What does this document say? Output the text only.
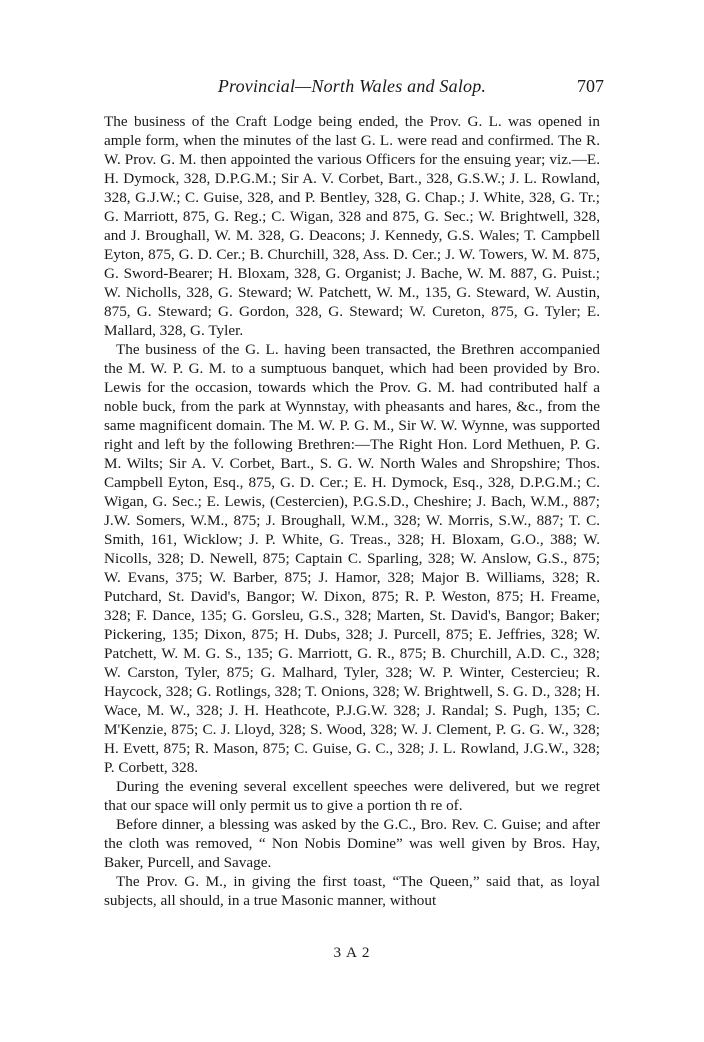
Provincial—North Wales and Salop.	707

The business of the Craft Lodge being ended, the Prov. G. L. was opened in ample form, when the minutes of the last G. L. were read and confirmed. The R. W. Prov. G. M. then appointed the various Officers for the ensuing year; viz.—E. H. Dymock, 328, D.P.G.M.; Sir A. V. Corbet, Bart., 328, G.S.W.; J. L. Rowland, 328, G.J.W.; C. Guise, 328, and P. Bentley, 328, G. Chap.; J. White, 328, G. Tr.; G. Marriott, 875, G. Reg.; C. Wigan, 328 and 875, G. Sec.; W. Brightwell, 328, and J. Broughall, W. M. 328, G. Deacons; J. Kennedy, G.S. Wales; T. Campbell Eyton, 875, G. D. Cer.; B. Churchill, 328, Ass. D. Cer.; J. W. Towers, W. M. 875, G. Sword-Bearer; H. Bloxam, 328, G. Organist; J. Bache, W. M. 887, G. Puist.; W. Nicholls, 328, G. Steward; W. Patchett, W. M., 135, G. Steward, W. Austin, 875, G. Steward; G. Gordon, 328, G. Steward; W. Cureton, 875, G. Tyler; E. Mallard, 328, G. Tyler.

The business of the G. L. having been transacted, the Brethren accompanied the M. W. P. G. M. to a sumptuous banquet, which had been provided by Bro. Lewis for the occasion, towards which the Prov. G. M. had contributed half a noble buck, from the park at Wynnstay, with pheasants and hares, &c., from the same magnificent domain. The M. W. P. G. M., Sir W. W. Wynne, was supported right and left by the following Brethren:—The Right Hon. Lord Methuen, P. G. M. Wilts; Sir A. V. Corbet, Bart., S. G. W. North Wales and Shropshire; Thos. Campbell Eyton, Esq., 875, G. D. Cer.; E. H. Dymock, Esq., 328, D.P.G.M.; C. Wigan, G. Sec.; E. Lewis, (Cestercien), P.G.S.D., Cheshire; J. Bach, W.M., 887; J.W. Somers, W.M., 875; J. Broughall, W.M., 328; W. Morris, S.W., 887; T. C. Smith, 161, Wicklow; J. P. White, G. Treas., 328; H. Bloxam, G.O., 388; W. Nicolls, 328; D. Newell, 875; Captain C. Sparling, 328; W. Anslow, G.S., 875; W. Evans, 375; W. Barber, 875; J. Hamor, 328; Major B. Williams, 328; R. Putchard, St. David's, Bangor; W. Dixon, 875; R. P. Weston, 875; H. Freame, 328; F. Dance, 135; G. Gorsleu, G.S., 328; Marten, St. David's, Bangor; Baker; Pickering, 135; Dixon, 875; H. Dubs, 328; J. Purcell, 875; E. Jeffries, 328; W. Patchett, W. M. G. S., 135; G. Marriott, G. R., 875; B. Churchill, A.D. C., 328; W. Carston, Tyler, 875; G. Malhard, Tyler, 328; W. P. Winter, Cestercieu; R. Haycock, 328; G. Rotlings, 328; T. Onions, 328; W. Brightwell, S. G. D., 328; H. Wace, M. W., 328; J. H. Heathcote, P.J.G.W. 328; J. Randal; S. Pugh, 135; C. M'Kenzie, 875; C. J. Lloyd, 328; S. Wood, 328; W. J. Clement, P. G. G. W., 328; H. Evett, 875; R. Mason, 875; C. Guise, G. C., 328; J. L. Rowland, J.G.W., 328; P. Corbett, 328.

During the evening several excellent speeches were delivered, but we regret that our space will only permit us to give a portion th re of.

Before dinner, a blessing was asked by the G.C., Bro. Rev. C. Guise; and after the cloth was removed, “ Non Nobis Domine” was well given by Bros. Hay, Baker, Purcell, and Savage.

The Prov. G. M., in giving the first toast, “The Queen,” said that, as loyal subjects, all should, in a true Masonic manner, without

3 A 2
